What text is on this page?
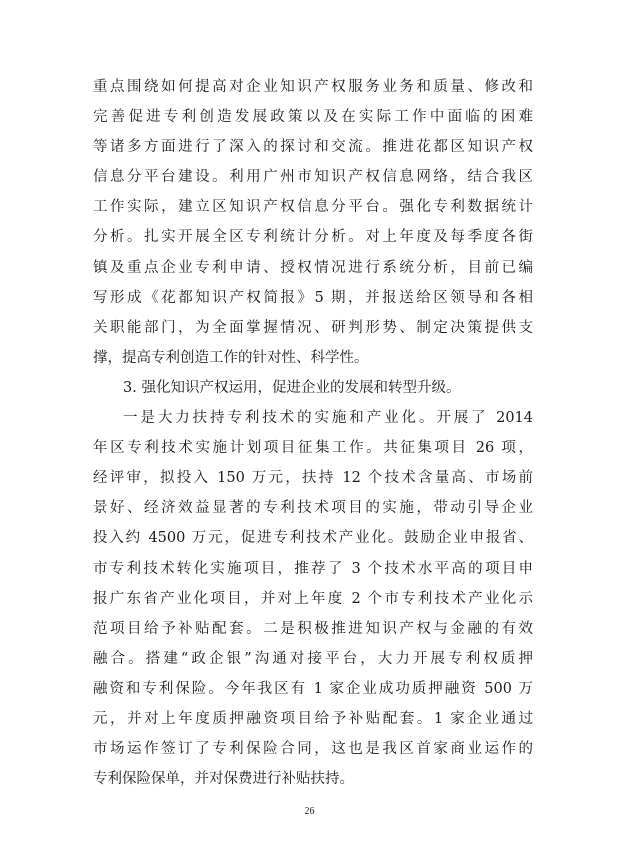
重点围绕如何提高对企业知识产权服务业务和质量、修改和
完善促进专利创造发展政策以及在实际工作中面临的困难
等诸多方面进行了深入的探讨和交流。推进花都区知识产权
信息分平台建设。利用广州市知识产权信息网络，结合我区
工作实际，建立区知识产权信息分平台。强化专利数据统计
分析。扎实开展全区专利统计分析。对上年度及每季度各街
镇及重点企业专利申请、授权情况进行系统分析，目前已编
写形成《花都知识产权简报》5 期，并报送给区领导和各相
关职能部门，为全面掌握情况、研判形势、制定决策提供支
撑，提高专利创造工作的针对性、科学性。
3. 强化知识产权运用，促进企业的发展和转型升级。
一是大力扶持专利技术的实施和产业化。开展了 2014
年区专利技术实施计划项目征集工作。共征集项目 26 项，
经评审，拟投入 150 万元，扶持 12 个技术含量高、市场前
景好、经济效益显著的专利技术项目的实施，带动引导企业
投入约 4500 万元，促进专利技术产业化。鼓励企业申报省、
市专利技术转化实施项目，推荐了 3 个技术水平高的项目申
报广东省产业化项目，并对上年度 2 个市专利技术产业化示
范项目给予补贴配套。二是积极推进知识产权与金融的有效
融合。搭建“政企银”沟通对接平台，大力开展专利权质押
融资和专利保险。今年我区有 1 家企业成功质押融资 500 万
元，并对上年度质押融资项目给予补贴配套。1 家企业通过
市场运作签订了专利保险合同，这也是我区首家商业运作的
专利保险保单，并对保费进行补贴扶持。
26
